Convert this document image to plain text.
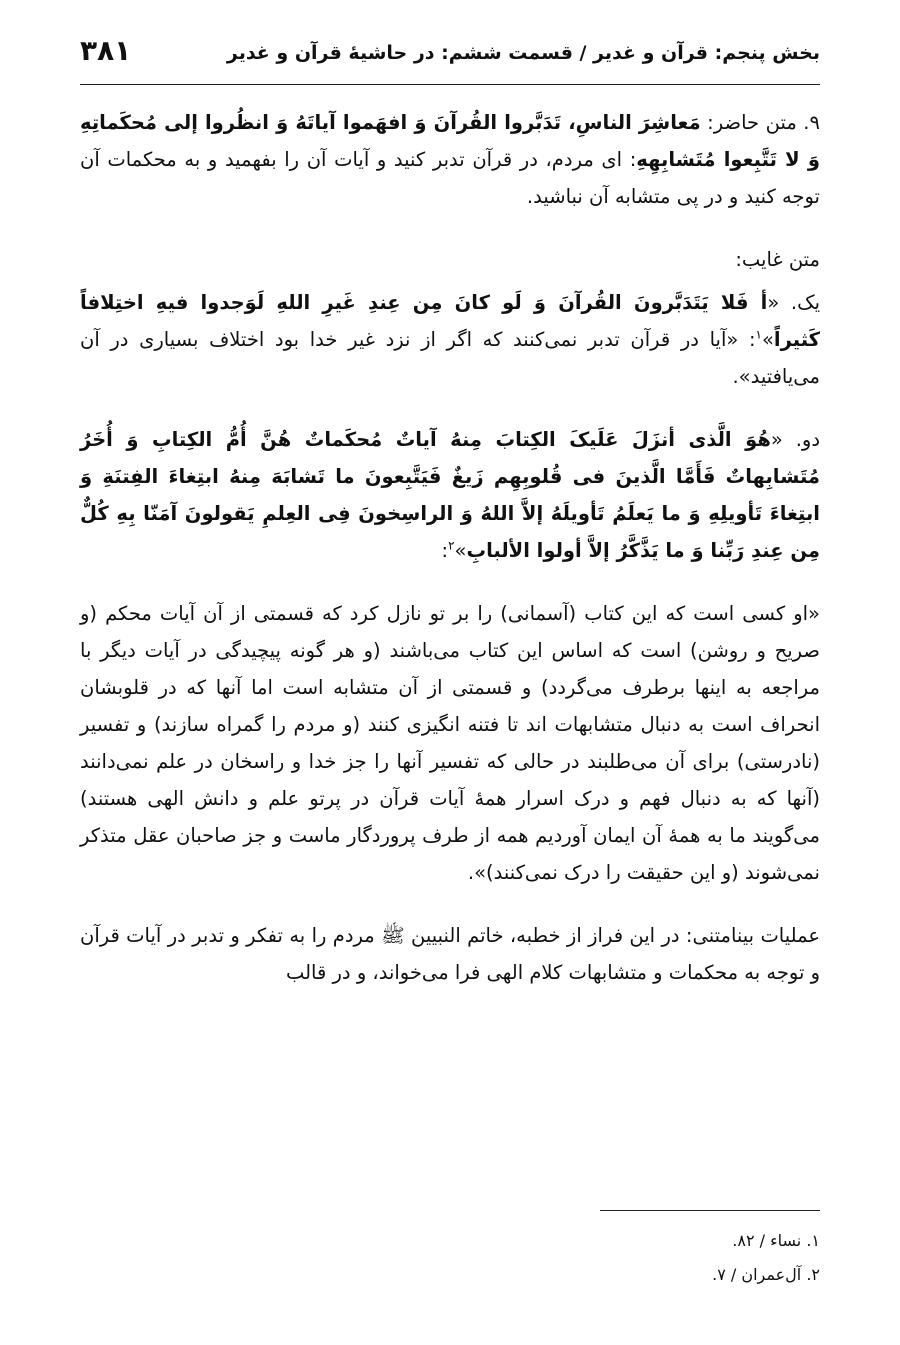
بخش پنجم: قرآن و غدیر / قسمت ششم: در حاشیهٔ قرآن و غدیر
۳۸۱

۹. متن حاضر: مَعاشِرَ الناسِ، تَدَبَّروا القُرآنَ وَ افهَموا آیاتَهُ وَ انظُروا إلی مُحکَماتِهِ وَ لا تَتَّبِعوا مُتَشابِهِهِ: ای مردم، در قرآن تدبر کنید و آیات آن را بفهمید و به محکمات آن توجه کنید و در پی متشابه آن نباشید.

متن غایب:

یک. «أ فَلا یَتَدَبَّرونَ القُرآنَ وَ لَو کانَ مِن عِندِ غَیرِ اللهِ لَوَجدوا فیهِ اختِلافاً کَثیراً»$^۱$: «آیا در قرآن تدبر نمی‌کنند که اگر از نزد غیر خدا بود اختلاف بسیاری در آن می‌یافتید».

دو. «هُوَ الَّذی أنزَلَ عَلَیکَ الکِتابَ مِنهُ آیاتٌ مُحکَماتٌ هُنَّ أُمُّ الکِتابِ وَ أُخَرُ مُتَشابِهاتٌ فَأَمَّا الَّذینَ فی قُلوبِهِم زَیغٌ فَیَتَّبِعونَ ما تَشابَهَ مِنهُ ابتِغاءَ الفِتنَةِ وَ ابتِغاءَ تَأویلِهِ وَ ما یَعلَمُ تَأویلَهُ إلاَّ اللهُ وَ الراسِخونَ فِی العِلمِ یَقولونَ آمَنّا بِهِ کُلٌّ مِن عِندِ رَبِّنا وَ ما یَذَّکَّرُ إلاَّ أولوا الألبابِ»$^۲$:

«او کسی است که این کتاب (آسمانی) را بر تو نازل کرد که قسمتی از آن آیات محکم (و صریح و روشن) است که اساس این کتاب می‌باشند (و هر گونه پیچیدگی در آیات دیگر با مراجعه به اینها برطرف می‌گردد) و قسمتی از آن متشابه است اما آنها که در قلوبشان انحراف است به دنبال متشابهات اند تا فتنه انگیزی کنند (و مردم را گمراه سازند) و تفسیر (نادرستی) برای آن می‌طلبند در حالی که تفسیر آنها را جز خدا و راسخان در علم نمی‌دانند (آنها که به دنبال فهم و درک اسرار همهٔ آیات قرآن در پرتو علم و دانش الهی هستند) می‌گویند ما به همهٔ آن ایمان آوردیم همه از طرف پروردگار ماست و جز صاحبان عقل متذکر نمی‌شوند (و این حقیقت را درک نمی‌کنند)».

عملیات بینامتنی: در این فراز از خطبه، خاتم النبیین ﷺ مردم را به تفکر و تدبر در آیات قرآن و توجه به محکمات و متشابهات کلام الهی فرا می‌خواند، و در قالب

۱. نساء / ۸۲.
۲. آل‌عمران / ۷.
